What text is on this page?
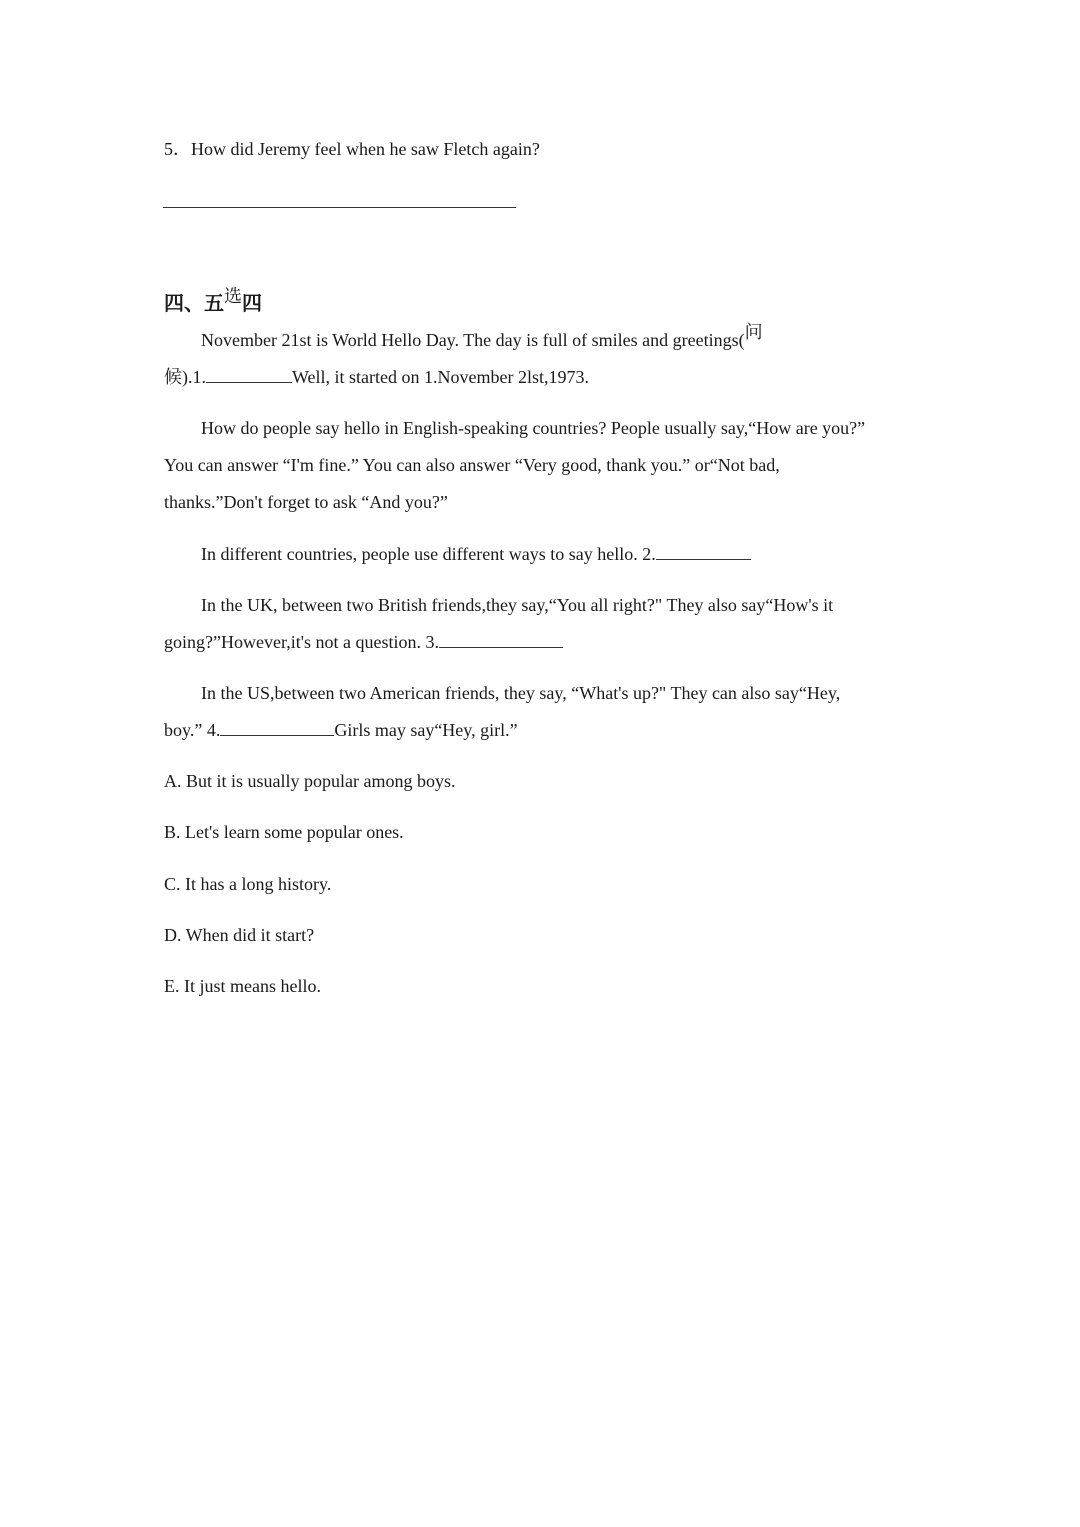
5．How did Jeremy feel when he saw Fletch again?
四、五选四
November 21st is World Hello Day. The day is full of smiles and greetings(问
候).1.	Well, it started on 1.November 2lst,1973.
How do people say hello in English-speaking countries? People usually say,“How are you?”
You can answer “I'm fine.” You can also answer “Very good, thank you.” or“Not bad,
thanks.”Don't forget to ask “And you?”
In different countries, people use different ways to say hello. 2.
In the UK, between two British friends,they say,“You all right?" They also say“How's it
going?”However,it's not a question. 3.
In the US,between two American friends, they say, “What's up?" They can also say“Hey,
boy.” 4.	Girls may say“Hey, girl.”
A. But it is usually popular among boys.
B. Let's learn some popular ones.
C. It has a long history.
D. When did it start?
E. It just means hello.
